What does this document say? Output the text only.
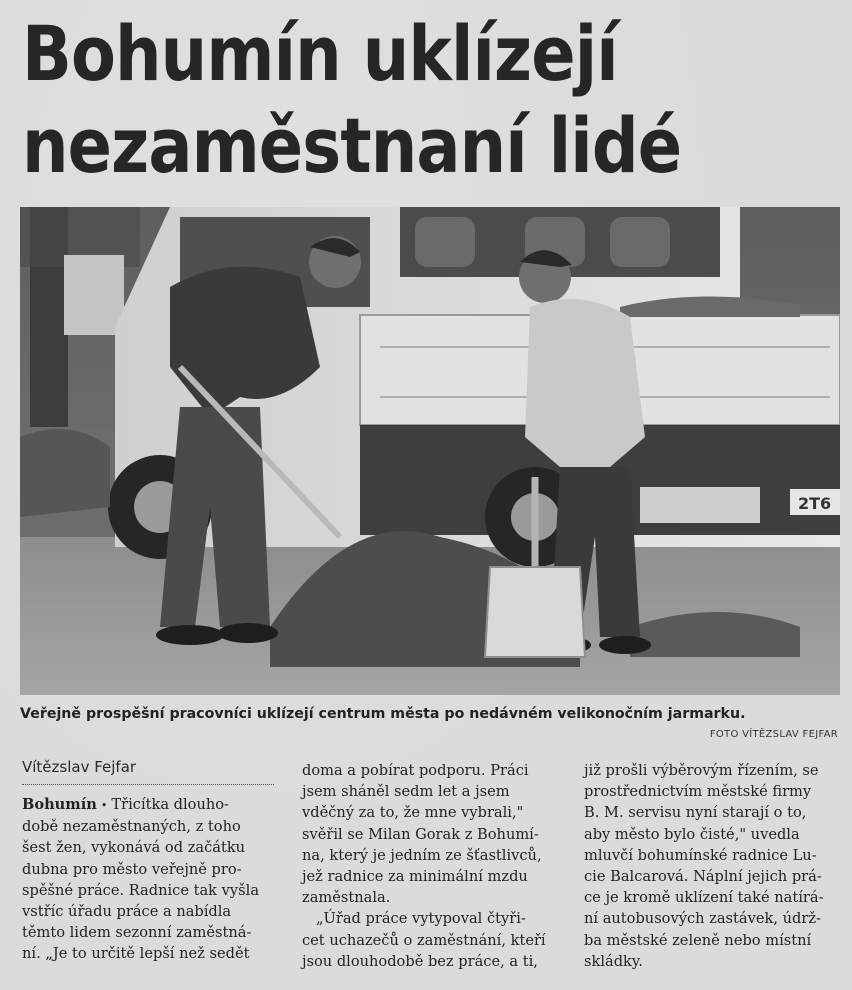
Bohumín uklízejí
nezaměstnaní lidé
2T6
Veřejně prospěšní pracovníci uklízejí centrum města po nedávném velikonočním jarmarku.
FOTO VÍTĚZSLAV FEJFAR
Vítězslav Fejfar

Bohumín • Třicítka dlouho-

době nezaměstnaných, z toho

šest žen, vykonává od začátku

dubna pro město veřejně pro-

spěšné práce. Radnice tak vyšla

vstříc úřadu práce a nabídla

těmto lidem sezonní zaměstná-

ní. „Je to určitě lepší než sedět

doma a pobírat podporu. Práci

jsem sháněl sedm let a jsem

vděčný za to, že mne vybrali,"

svěřil se Milan Gorak z Bohumí-

na, který je jedním ze šťastlivců,

jež radnice za minimální mzdu

zaměstnala.

„Úřad práce vytypoval čtyři-

cet uchazečů o zaměstnání, kteří

jsou dlouhodobě bez práce, a ti,

již prošli výběrovým řízením, se

prostřednictvím městské firmy

B. M. servisu nyní starají o to,

aby město bylo čisté," uvedla

mluvčí bohumínské radnice Lu-

cie Balcarová. Náplní jejich prá-

ce je kromě uklízení také natírá-

ní autobusových zastávek, údrž-

ba městské zeleně nebo místní

skládky.
